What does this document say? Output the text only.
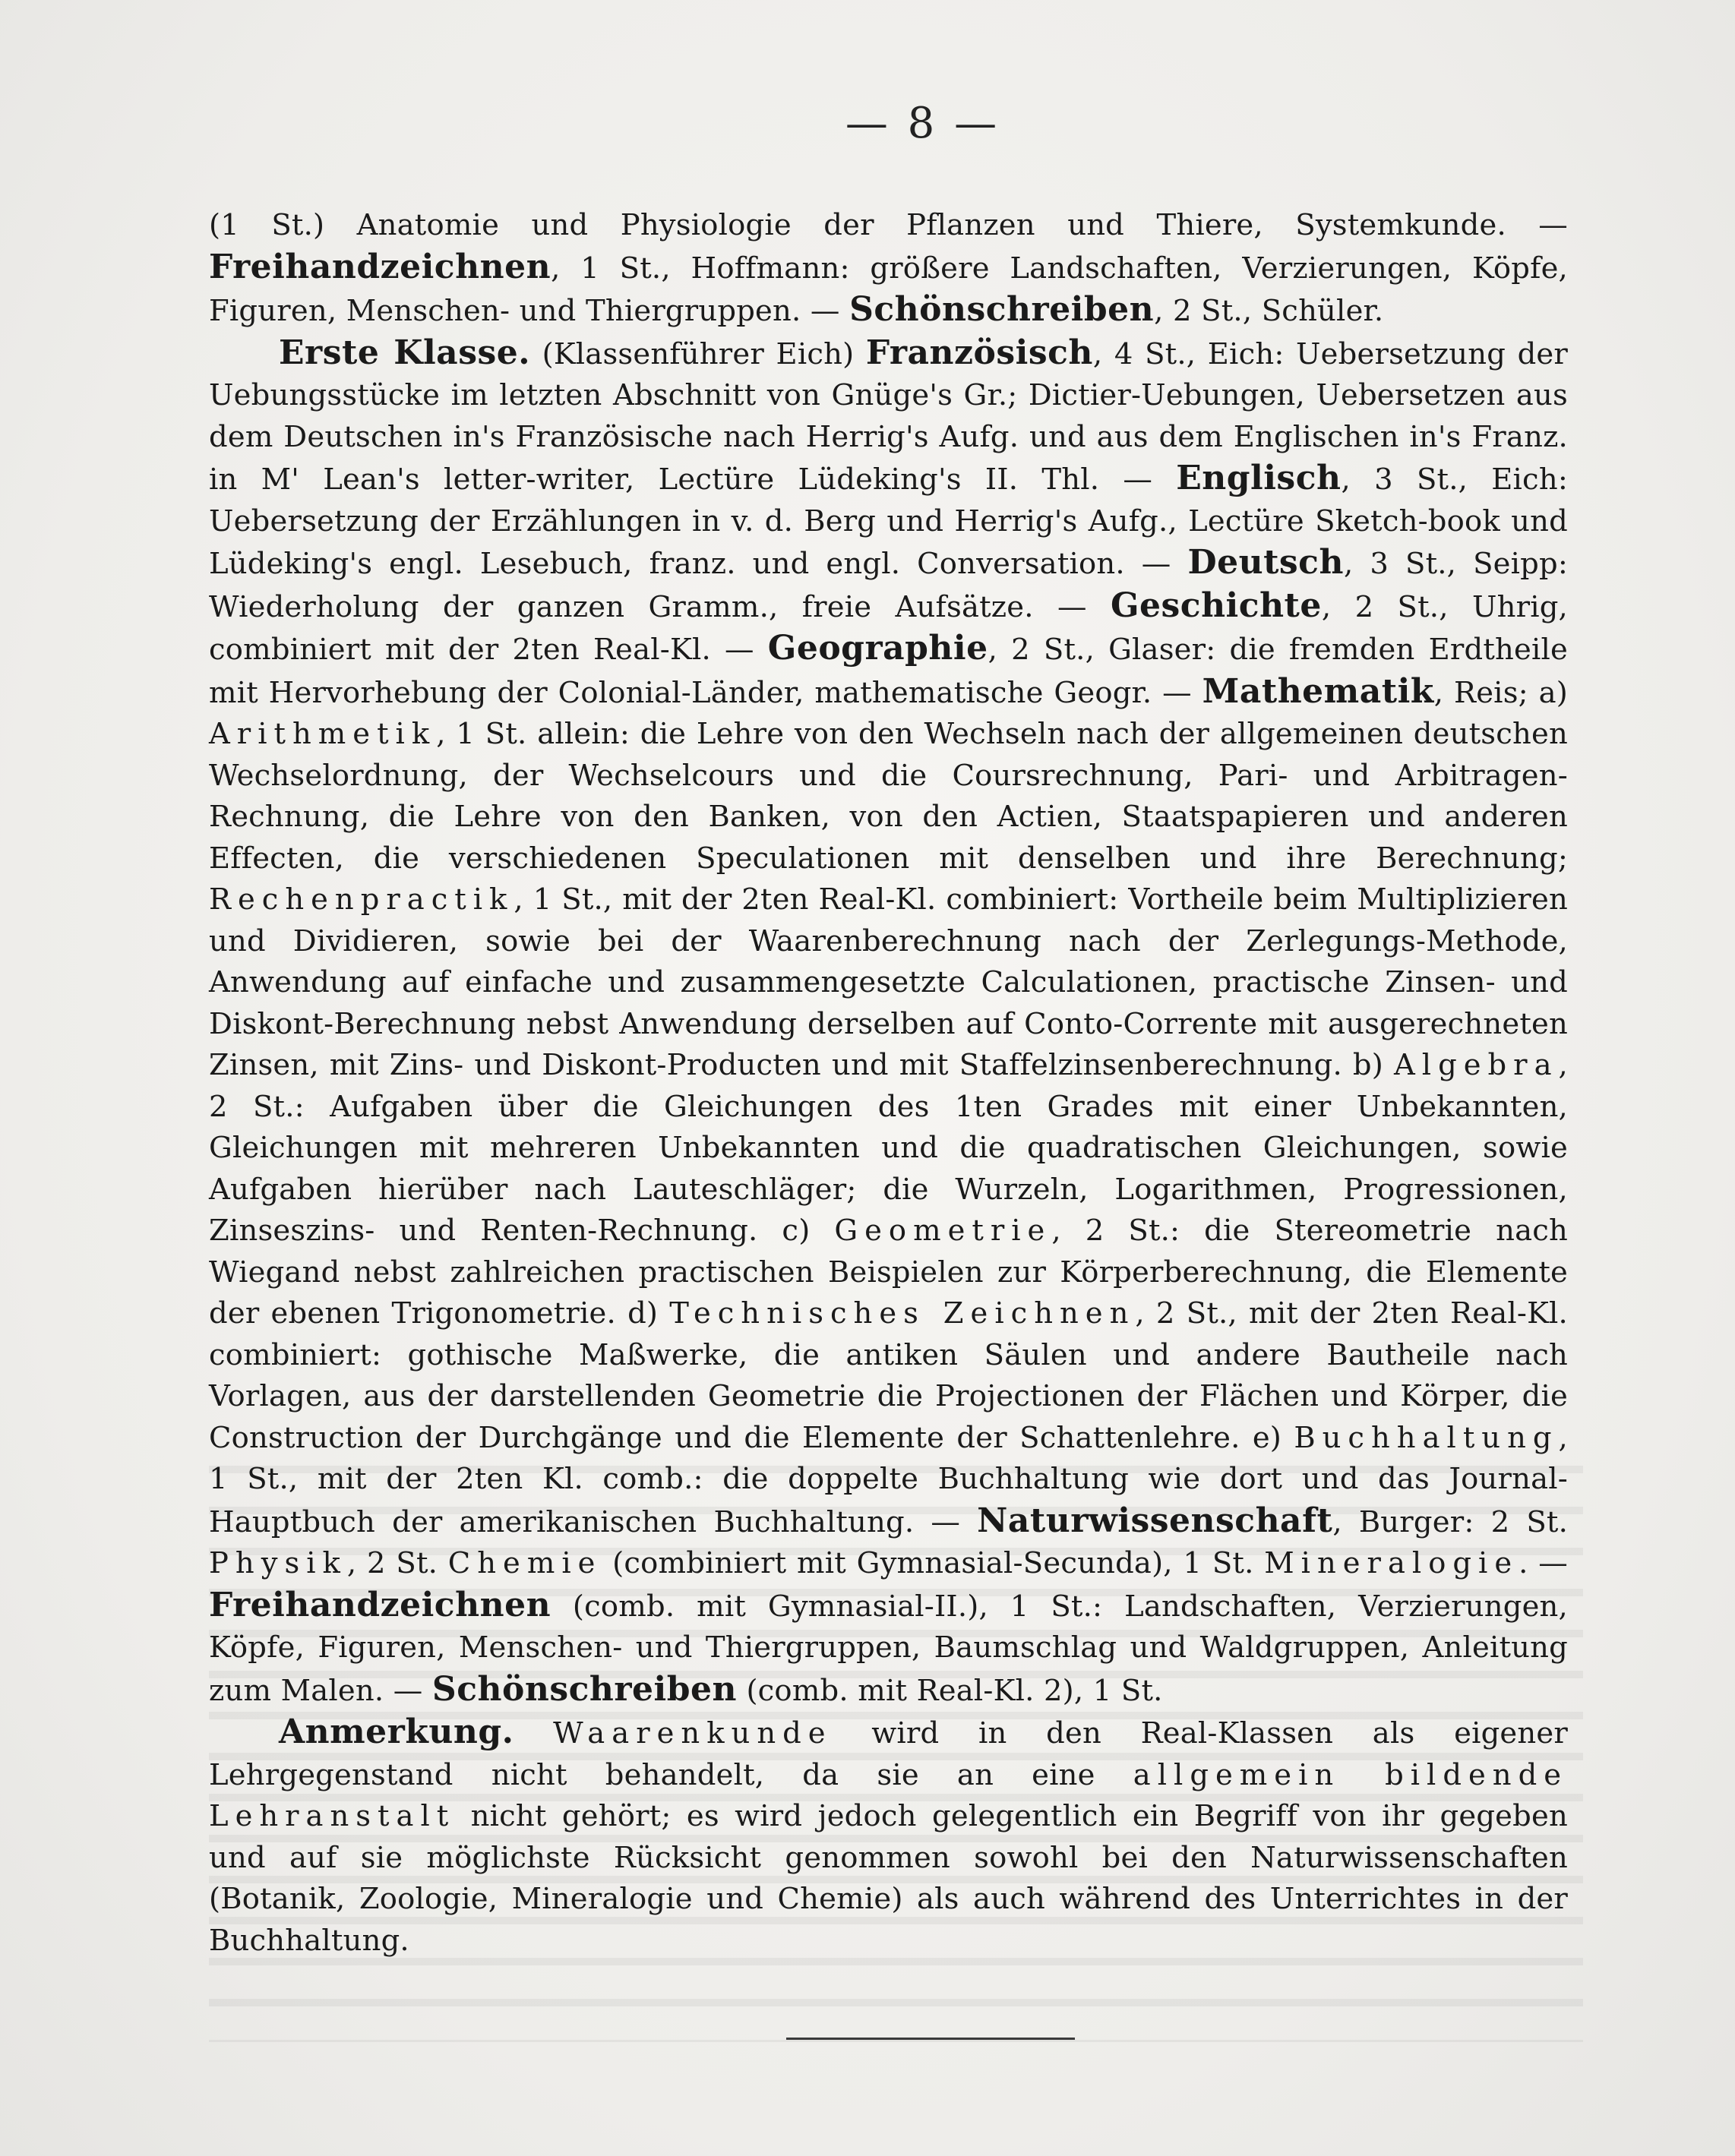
— 8 —

(1 St.) Anatomie und Physiologie der Pflanzen und Thiere, Systemkunde. — Freihandzeichnen, 1 St., Hoffmann: größere Landschaften, Verzierungen, Köpfe, Figuren, Menschen- und Thiergruppen. — Schönschreiben, 2 St., Schüler.

Erste Klasse. (Klassenführer Eich) Französisch, 4 St., Eich: Uebersetzung der Uebungsstücke im letzten Abschnitt von Gnüge's Gr.; Dictier-Uebungen, Uebersetzen aus dem Deutschen in's Französische nach Herrig's Aufg. und aus dem Englischen in's Franz. in M' Lean's letter-writer, Lectüre Lüdeking's II. Thl. — Englisch, 3 St., Eich: Uebersetzung der Erzählungen in v. d. Berg und Herrig's Aufg., Lectüre Sketch-book und Lüdeking's engl. Lesebuch, franz. und engl. Conversation. — Deutsch, 3 St., Seipp: Wiederholung der ganzen Gramm., freie Aufsätze. — Geschichte, 2 St., Uhrig, combiniert mit der 2ten Real-Kl. — Geographie, 2 St., Glaser: die fremden Erdtheile mit Hervorhebung der Colonial-Länder, mathematische Geogr. — Mathematik, Reis; a) Arithmetik, 1 St. allein: die Lehre von den Wechseln nach der allgemeinen deutschen Wechselordnung, der Wechselcours und die Coursrechnung, Pari- und Arbitragen-Rechnung, die Lehre von den Banken, von den Actien, Staatspapieren und anderen Effecten, die verschiedenen Speculationen mit denselben und ihre Berechnung; Rechenpractik, 1 St., mit der 2ten Real-Kl. combiniert: Vortheile beim Multiplizieren und Dividieren, sowie bei der Waarenberechnung nach der Zerlegungs-Methode, Anwendung auf einfache und zusammengesetzte Calculationen, practische Zinsen- und Diskont-Berechnung nebst Anwendung derselben auf Conto-Corrente mit ausgerechneten Zinsen, mit Zins- und Diskont-Producten und mit Staffelzinsenberechnung. b) Algebra, 2 St.: Aufgaben über die Gleichungen des 1ten Grades mit einer Unbekannten, Gleichungen mit mehreren Unbekannten und die quadratischen Gleichungen, sowie Aufgaben hierüber nach Lauteschläger; die Wurzeln, Logarithmen, Progressionen, Zinseszins- und Renten-Rechnung. c) Geometrie, 2 St.: die Stereometrie nach Wiegand nebst zahlreichen practischen Beispielen zur Körperberechnung, die Elemente der ebenen Trigonometrie. d) Technisches Zeichnen, 2 St., mit der 2ten Real-Kl. combiniert: gothische Maßwerke, die antiken Säulen und andere Bautheile nach Vorlagen, aus der darstellenden Geometrie die Projectionen der Flächen und Körper, die Construction der Durchgänge und die Elemente der Schattenlehre. e) Buchhaltung, 1 St., mit der 2ten Kl. comb.: die doppelte Buchhaltung wie dort und das Journal-Hauptbuch der amerikanischen Buchhaltung. — Naturwissenschaft, Burger: 2 St. Physik, 2 St. Chemie (combiniert mit Gymnasial-Secunda), 1 St. Mineralogie. — Freihandzeichnen (comb. mit Gymnasial-II.), 1 St.: Landschaften, Verzierungen, Köpfe, Figuren, Menschen- und Thiergruppen, Baumschlag und Waldgruppen, Anleitung zum Malen. — Schönschreiben (comb. mit Real-Kl. 2), 1 St.

Anmerkung. Waarenkunde wird in den Real-Klassen als eigener Lehrgegenstand nicht behandelt, da sie an eine allgemein bildende Lehranstalt nicht gehört; es wird jedoch gelegentlich ein Begriff von ihr gegeben und auf sie möglichste Rücksicht genommen sowohl bei den Naturwissenschaften (Botanik, Zoologie, Mineralogie und Chemie) als auch während des Unterrichtes in der Buchhaltung.
